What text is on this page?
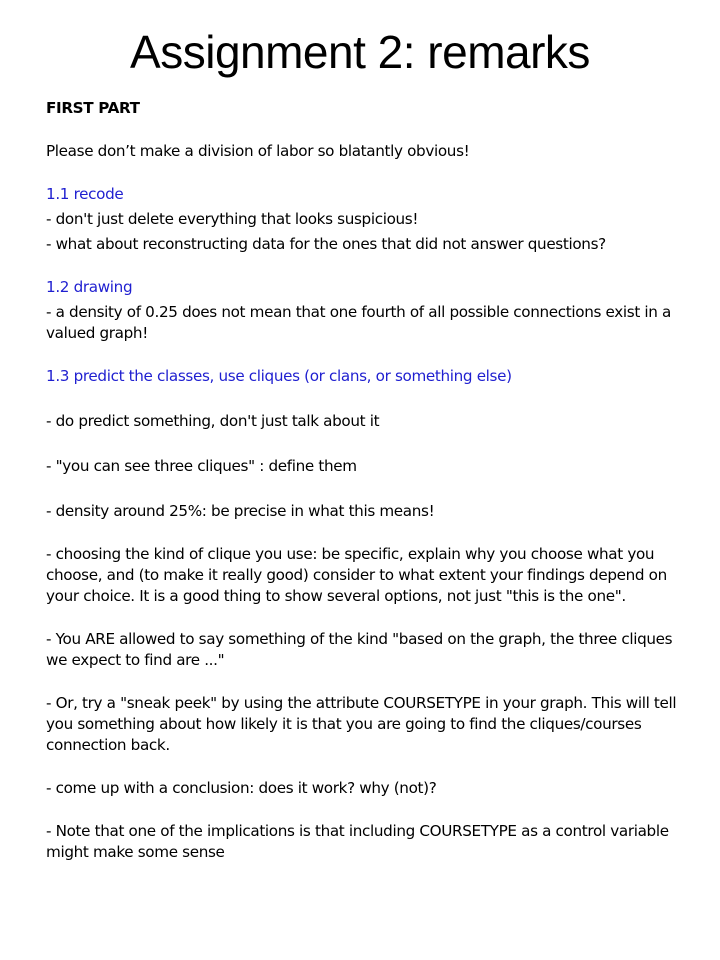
Assignment 2: remarks

FIRST PART

Please don’t make a division of labor so blatantly obvious!

1.1 recode

- don't just delete everything that looks suspicious!

- what about reconstructing data for the ones that did not answer questions?

1.2 drawing

- a density of 0.25 does not mean that one fourth of all possible connections exist in a valued graph!

1.3 predict the classes, use cliques (or clans, or something else)

- do predict something, don't just talk about it

- "you can see three cliques" : define them

- density around 25%: be precise in what this means!

- choosing the kind of clique you use: be specific, explain why you choose what you choose, and (to make it really good) consider to what extent your findings depend on your choice. It is a good thing to show several options, not just "this is the one".

- You ARE allowed to say something of the kind "based on the graph, the three cliques we expect to find are ..."

- Or, try a "sneak peek" by using the attribute COURSETYPE in your graph. This will tell you something about how likely it is that you are going to find the cliques/courses connection back.

- come up with a conclusion: does it work? why (not)?

- Note that one of the implications is that including COURSETYPE as a control variable might make some sense
